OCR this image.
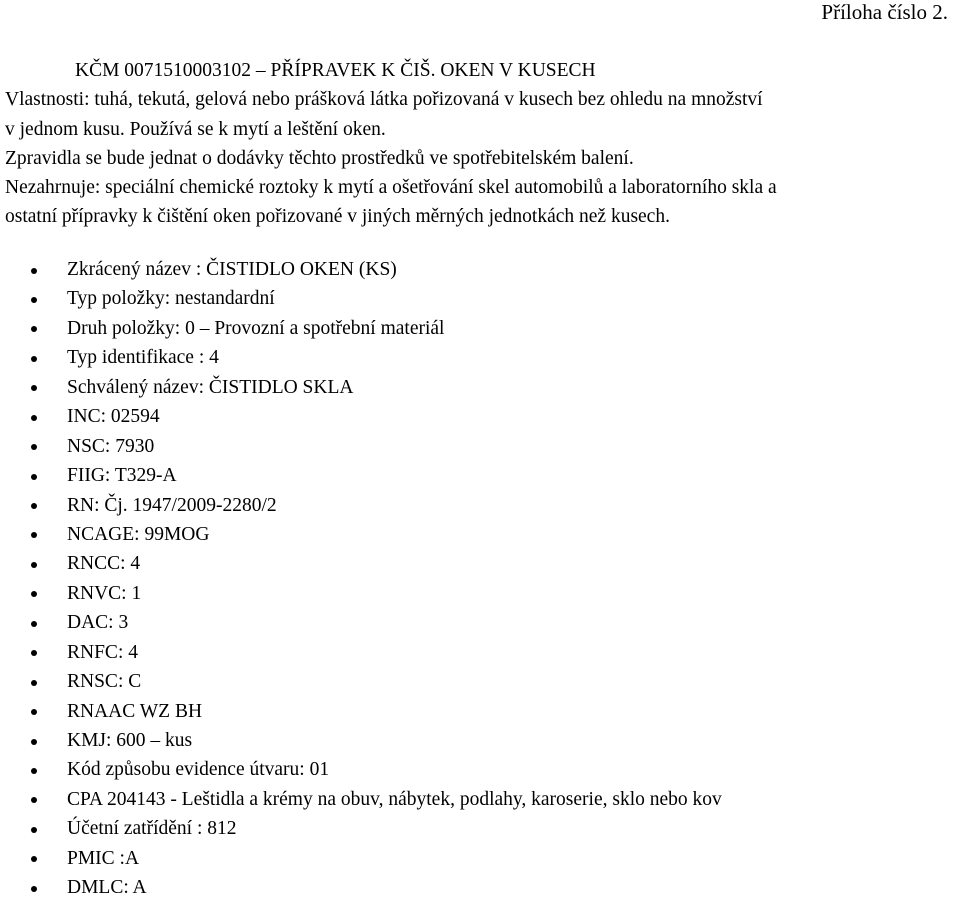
Příloha číslo 2.
KČM 0071510003102 – PŘÍPRAVEK K ČIŠ. OKEN V KUSECH
Vlastnosti: tuhá, tekutá, gelová nebo prášková látka pořizovaná v kusech bez ohledu na množství
v jednom kusu. Používá se k mytí a leštění oken.
Zpravidla se bude jednat o dodávky těchto prostředků ve spotřebitelském balení.
Nezahrnuje: speciální chemické roztoky k mytí a ošetřování skel automobilů a laboratorního skla a
ostatní přípravky k čištění oken pořizované v jiných měrných jednotkách než kusech.
Zkrácený název : ČISTIDLO OKEN (KS)
Typ položky: nestandardní
Druh položky: 0 – Provozní a spotřební materiál
Typ identifikace : 4
Schválený název: ČISTIDLO SKLA
INC: 02594
NSC: 7930
FIIG: T329-A
RN: Čj. 1947/2009-2280/2
NCAGE: 99MOG
RNCC: 4
RNVC: 1
DAC: 3
RNFC: 4
RNSC: C
RNAAC WZ BH
KMJ: 600 – kus
Kód způsobu evidence útvaru: 01
CPA 204143 - Leštidla a krémy na obuv, nábytek, podlahy, karoserie, sklo nebo kov
Účetní zatřídění : 812
PMIC :A
DMLC: A
